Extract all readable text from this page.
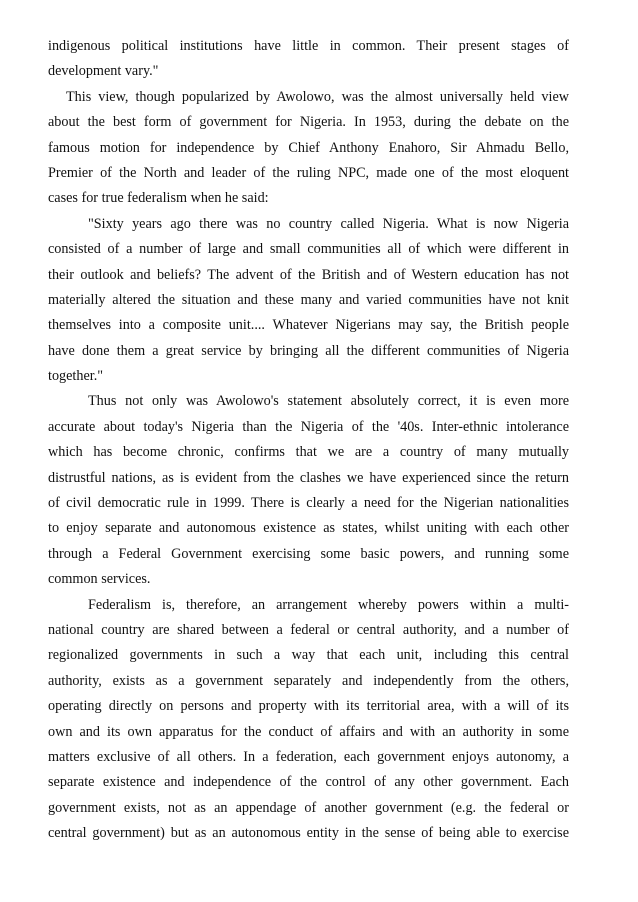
indigenous political institutions have little in common. Their present stages of
development vary."
This view, though popularized by Awolowo, was the almost universally held view
about the best form of government for Nigeria. In 1953, during the debate on the
famous motion for independence by Chief Anthony Enahoro, Sir Ahmadu Bello,
Premier of the North and leader of the ruling NPC, made one of the most eloquent
cases for true federalism when he said:
"Sixty years ago there was no country called Nigeria. What is now Nigeria
consisted of a number of large and small communities all of which were different in
their outlook and beliefs? The advent of the British and of Western education has not
materially altered the situation and these many and varied communities have not knit
themselves into a composite unit.... Whatever Nigerians may say, the British people
have done them a great service by bringing all the different communities of Nigeria
together."
Thus not only was Awolowo's statement absolutely correct, it is even more
accurate about today's Nigeria than the Nigeria of the '40s. Inter-ethnic intolerance
which has become chronic, confirms that we are a country of many mutually
distrustful nations, as is evident from the clashes we have experienced since the return
of civil democratic rule in 1999. There is clearly a need for the Nigerian nationalities
to enjoy separate and autonomous existence as states, whilst uniting with each other
through a Federal Government exercising some basic powers, and running some
common services.
Federalism is, therefore, an arrangement whereby powers within a multi-
national country are shared between a federal or central authority, and a number of
regionalized governments in such a way that each unit, including this central
authority, exists as a government separately and independently from the others,
operating directly on persons and property with its territorial area, with a will of its
own and its own apparatus for the conduct of affairs and with an authority in some
matters exclusive of all others. In a federation, each government enjoys autonomy, a
separate existence and independence of the control of any other government. Each
government exists, not as an appendage of another government (e.g. the federal or
central government) but as an autonomous entity in the sense of being able to exercise
